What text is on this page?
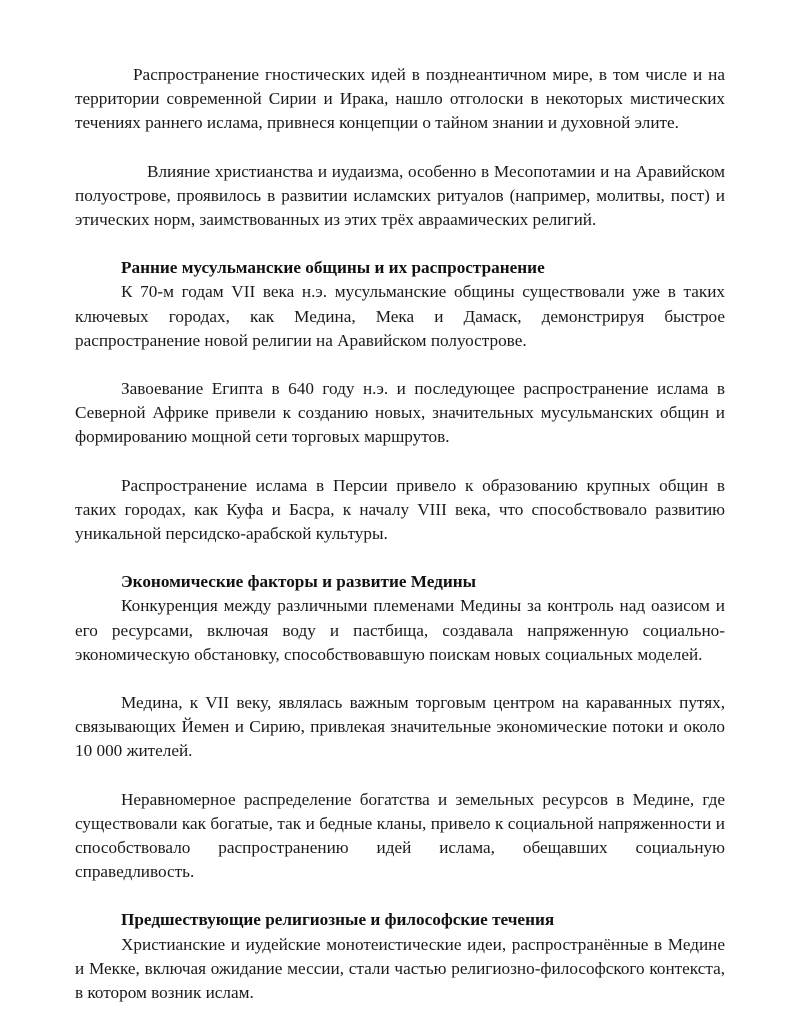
Распространение гностических идей в позднеантичном мире, в том числе и на территории современной Сирии и Ирака, нашло отголоски в некоторых мистических течениях раннего ислама, привнеся концепции о тайном знании и духовной элите.

Влияние христианства и иудаизма, особенно в Месопотамии и на Аравийском полуострове, проявилось в развитии исламских ритуалов (например, молитвы, пост) и этических норм, заимствованных из этих трёх авраамических религий.

Ранние мусульманские общины и их распространение

К 70-м годам VII века н.э. мусульманские общины существовали уже в таких ключевых городах, как Медина, Мека и Дамаск, демонстрируя быстрое распространение новой религии на Аравийском полуострове.

Завоевание Египта в 640 году н.э. и последующее распространение ислама в Северной Африке привели к созданию новых, значительных мусульманских общин и формированию мощной сети торговых маршрутов.

Распространение ислама в Персии привело к образованию крупных общин в таких городах, как Куфа и Басра, к началу VIII века, что способствовало развитию уникальной персидско-арабской культуры.

Экономические факторы и развитие Медины

Конкуренция между различными племенами Медины за контроль над оазисом и его ресурсами, включая воду и пастбища, создавала напряженную социально-экономическую обстановку, способствовавшую поискам новых социальных моделей.

Медина, к VII веку, являлась важным торговым центром на караванных путях, связывающих Йемен и Сирию, привлекая значительные экономические потоки и около 10 000 жителей.

Неравномерное распределение богатства и земельных ресурсов в Медине, где существовали как богатые, так и бедные кланы, привело к социальной напряженности и способствовало распространению идей ислама, обещавших социальную справедливость.

Предшествующие религиозные и философские течения

Христианские и иудейские монотеистические идеи, распространённые в Медине и Мекке, включая ожидание мессии, стали частью религиозно-философского контекста, в котором возник ислам.
